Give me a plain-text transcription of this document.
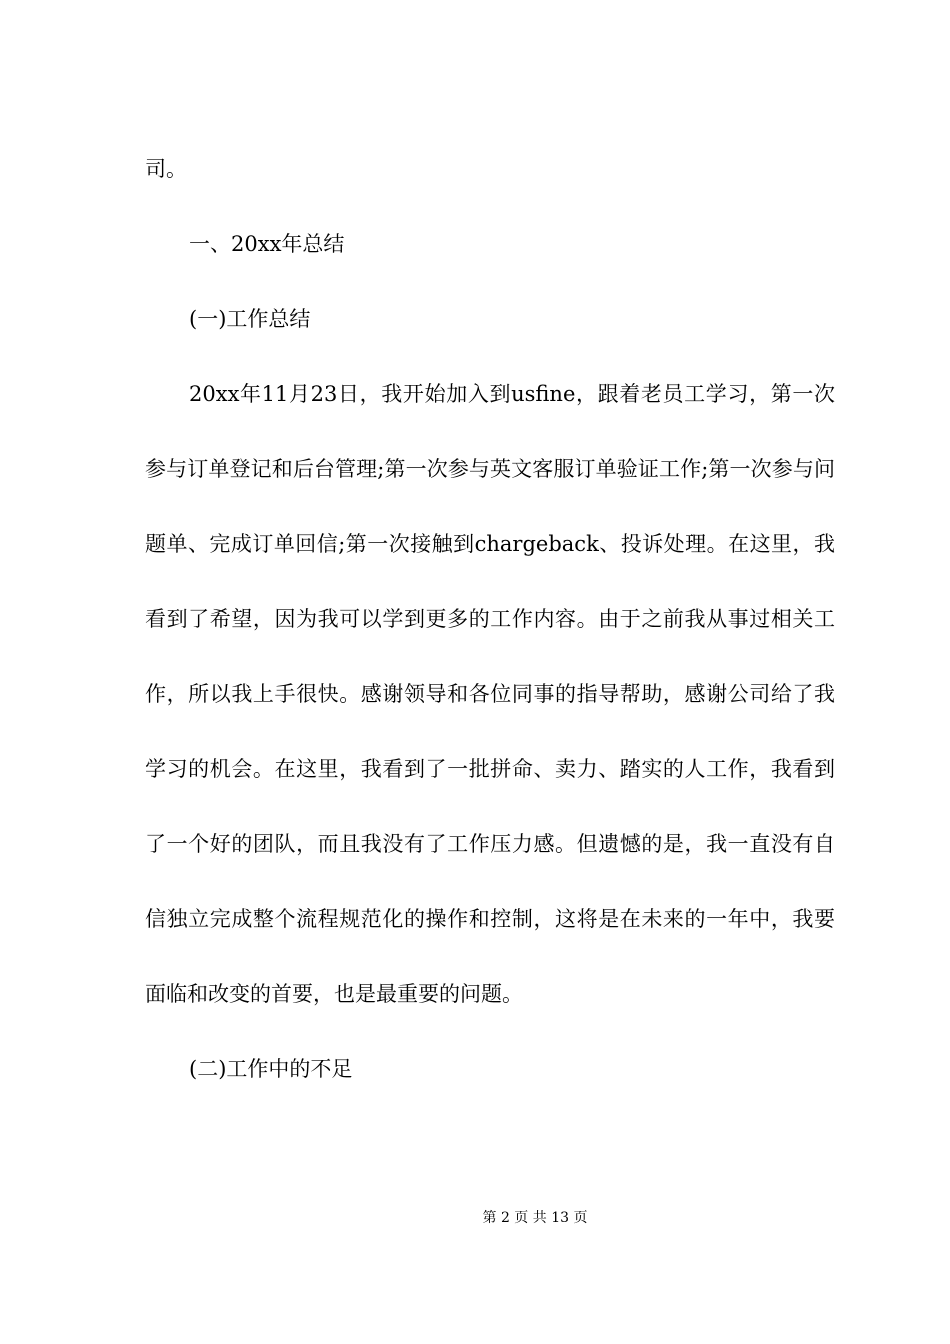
司。

一、20xx年总结

(一)工作总结

20xx年11月23日，我开始加入到usfine，跟着老员工学习，第一次参与订单登记和后台管理;第一次参与英文客服订单验证工作;第一次参与问题单、完成订单回信;第一次接触到chargeback、投诉处理。在这里，我看到了希望，因为我可以学到更多的工作内容。由于之前我从事过相关工作，所以我上手很快。感谢领导和各位同事的指导帮助，感谢公司给了我学习的机会。在这里，我看到了一批拼命、卖力、踏实的人工作，我看到了一个好的团队，而且我没有了工作压力感。但遗憾的是，我一直没有自信独立完成整个流程规范化的操作和控制，这将是在未来的一年中，我要面临和改变的首要，也是最重要的问题。

(二)工作中的不足

第 2 页 共 13 页
